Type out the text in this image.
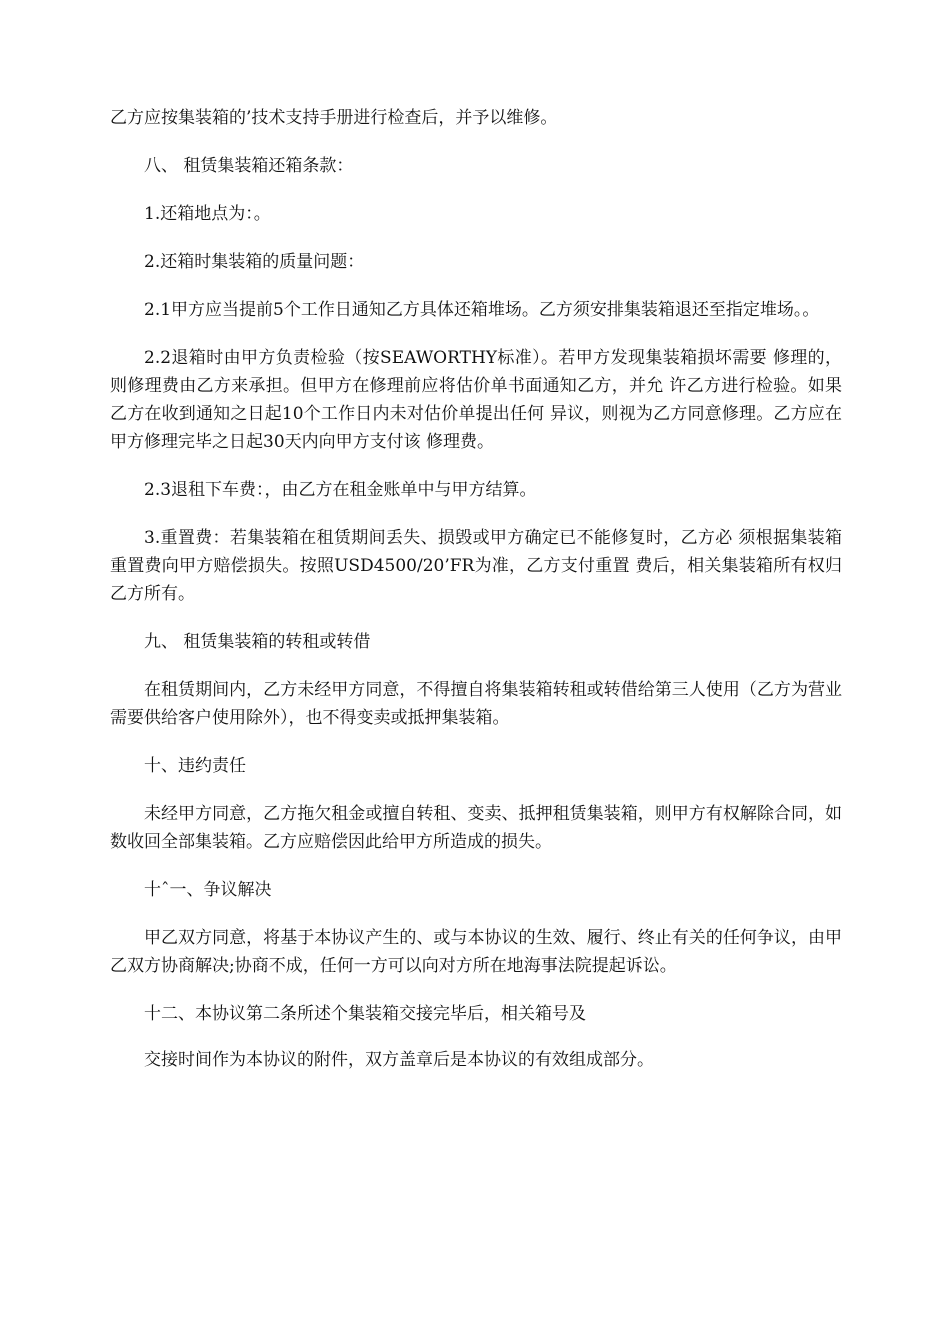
乙方应按集装箱的’技术支持手册进行检查后，并予以维修。

八、 租赁集装箱还箱条款：

1.还箱地点为：。

2.还箱时集装箱的质量问题：

2.1甲方应当提前5个工作日通知乙方具体还箱堆场。乙方须安排集装箱退还至指定堆场。。

2.2退箱时由甲方负责检验（按SEAWORTHY标准）。若甲方发现集装箱损坏需要 修理的，则修理费由乙方来承担。但甲方在修理前应将估价单书面通知乙方，并允 许乙方进行检验。如果乙方在收到通知之日起10个工作日内未对估价单提出任何 异议，则视为乙方同意修理。乙方应在甲方修理完毕之日起30天内向甲方支付该 修理费。

2.3退租下车费：，由乙方在租金账单中与甲方结算。

3.重置费：若集装箱在租赁期间丢失、损毁或甲方确定已不能修复时，乙方必 须根据集装箱重置费向甲方赔偿损失。按照USD4500/20’FR为准，乙方支付重置 费后，相关集装箱所有权归乙方所有。

九、 租赁集装箱的转租或转借

在租赁期间内，乙方未经甲方同意，不得擅自将集装箱转租或转借给第三人使用（乙方为营业需要供给客户使用除外），也不得变卖或抵押集装箱。

十、违约责任

未经甲方同意，乙方拖欠租金或擅自转租、变卖、抵押租赁集装箱，则甲方有权解除合同，如数收回全部集装箱。乙方应赔偿因此给甲方所造成的损失。

十ˆ一、争议解决

甲乙双方同意，将基于本协议产生的、或与本协议的生效、履行、终止有关的任何争议，由甲乙双方协商解决;协商不成，任何一方可以向对方所在地海事法院提起诉讼。

十二、本协议第二条所述个集装箱交接完毕后，相关箱号及

交接时间作为本协议的附件，双方盖章后是本协议的有效组成部分。
